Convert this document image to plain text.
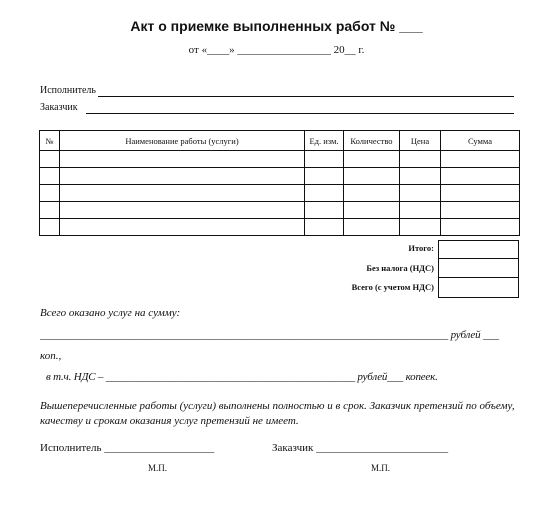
Акт о приемке выполненных работ № ___
от «____» _________________ 20__ г.
Исполнитель
Заказчик
№	Наименование работы (услуги)	Ед. изм.	Количество	Цена	Сумма

Итого:
Без налога (НДС)
Всего (с учетом НДС)
Всего оказано услуг на сумму:
_____________________________________________________________________________ рублей ___
коп.,
в т.ч. НДС – _______________________________________________ рублей___ копеек.
Вышеперечисленные работы (услуги) выполнены полностью и в срок. Заказчик претензий по объему, качеству и срокам оказания услуг претензий не имеет.
Исполнитель ____________________	Заказчик ________________________
М.П.	М.П.
